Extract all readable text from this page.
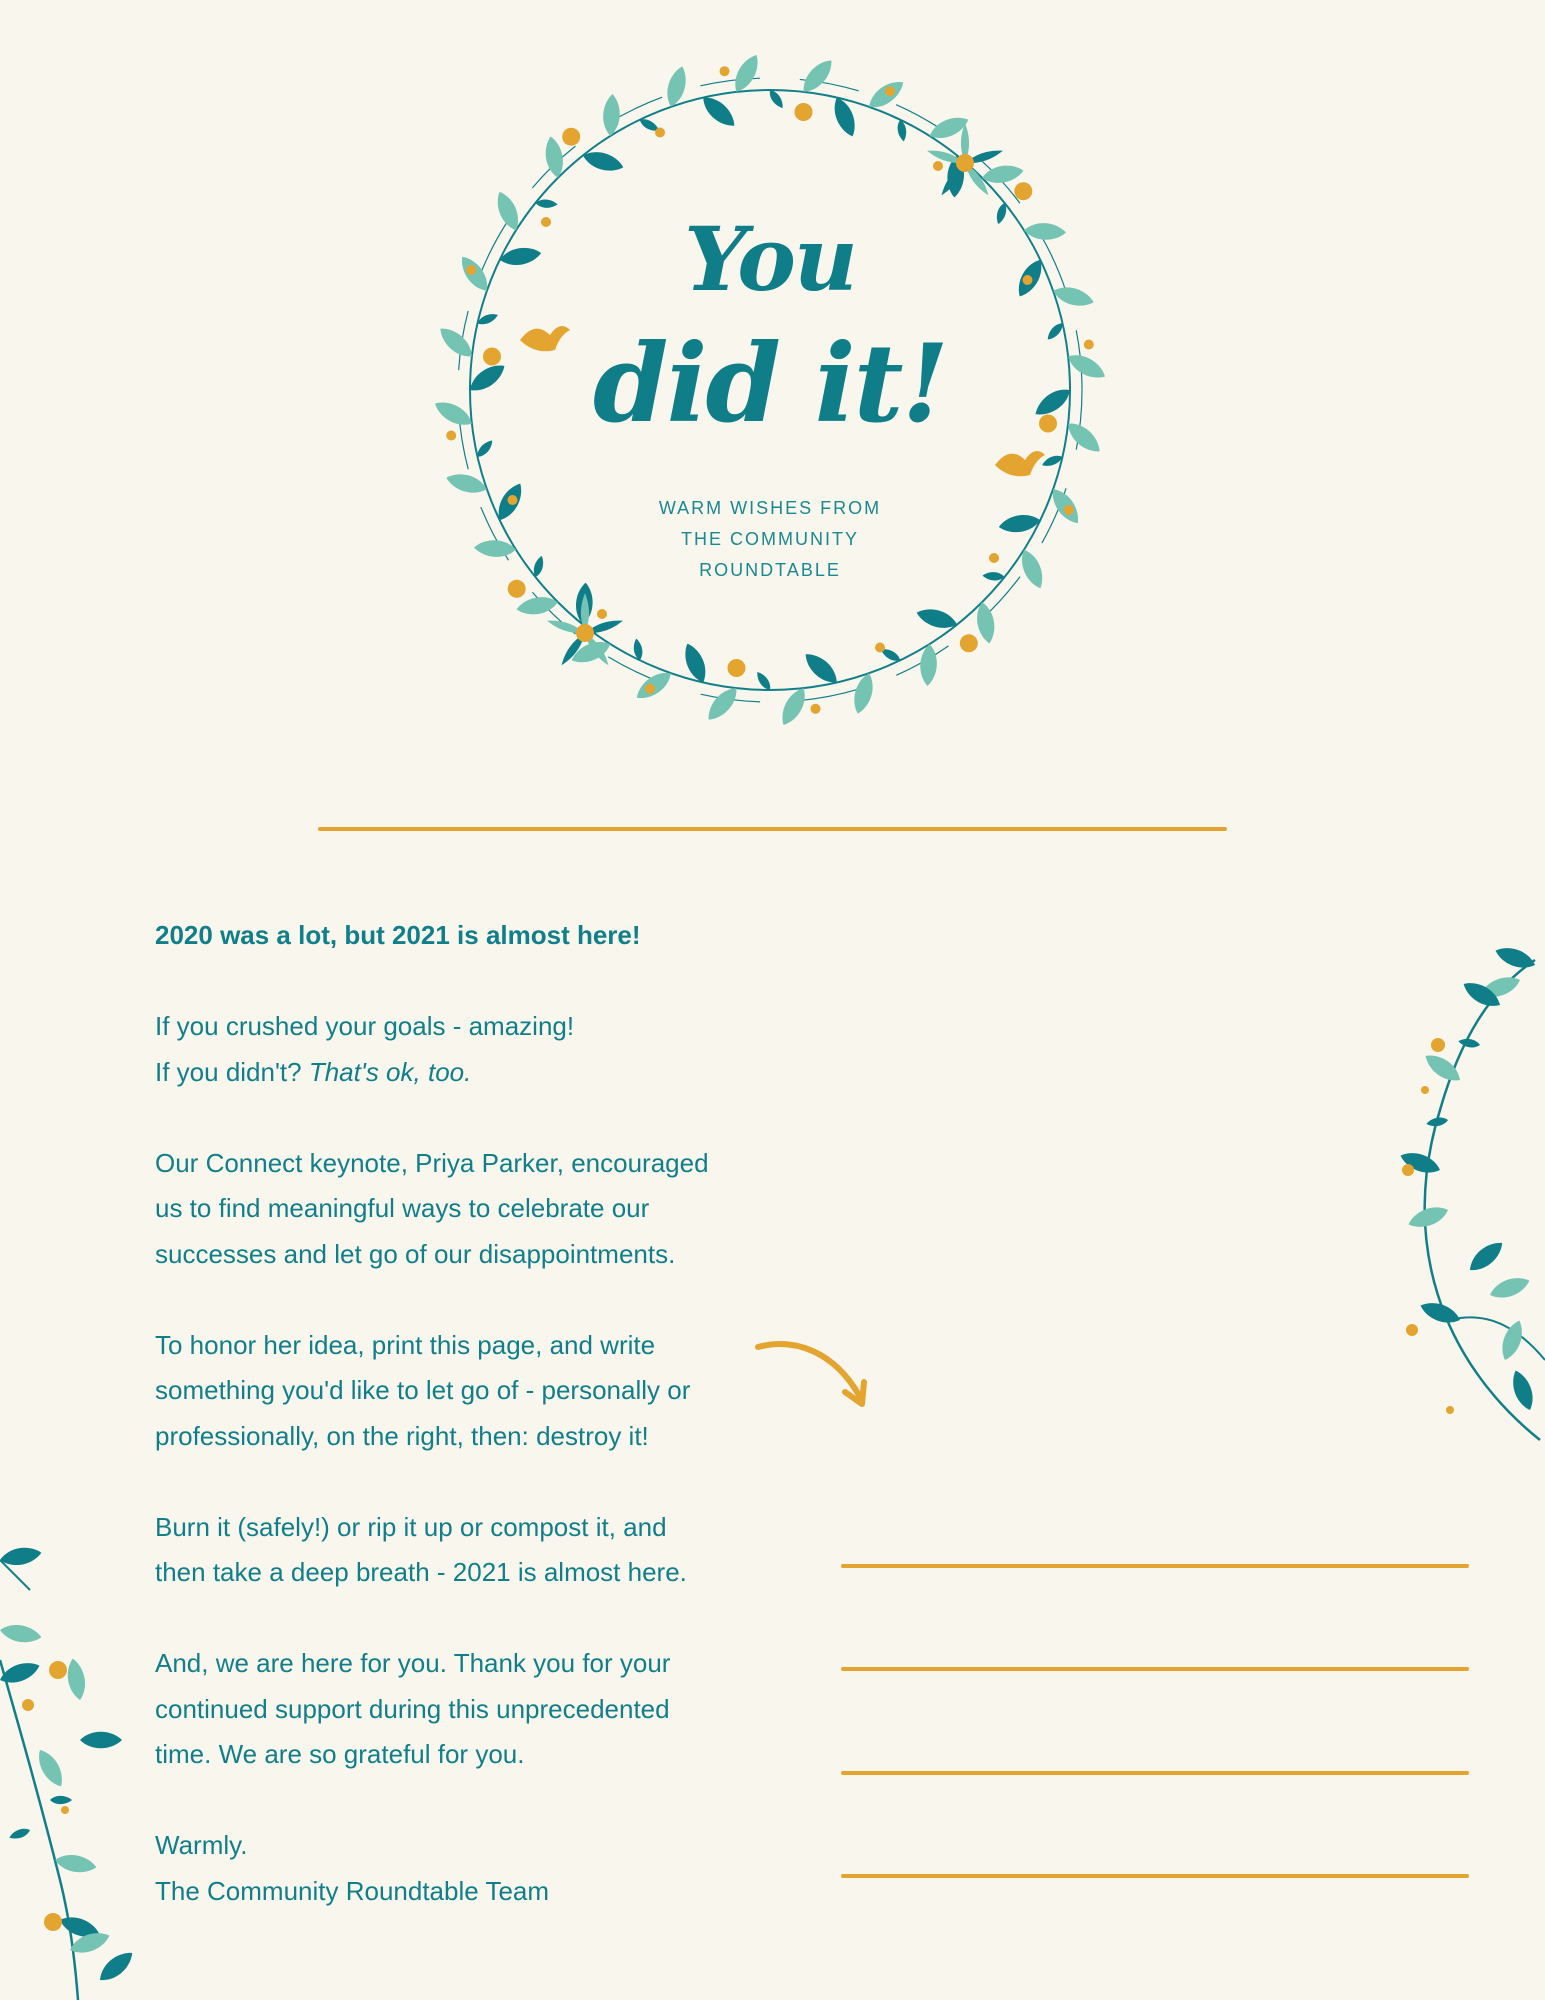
You
did it!
WARM WISHES FROM
THE COMMUNITY
ROUNDTABLE

2020 was a lot, but 2021 is almost here!

If you crushed your goals - amazing!
If you didn't? That's ok, too.

Our Connect keynote, Priya Parker, encouraged
us to find meaningful ways to celebrate our
successes and let go of our disappointments.

To honor her idea, print this page, and write
something you'd like to let go of - personally or
professionally, on the right, then: destroy it!

Burn it (safely!) or rip it up or compost it, and
then take a deep breath - 2021 is almost here.

And, we are here for you. Thank you for your
continued support during this unprecedented
time. We are so grateful for you.

Warmly.
The Community Roundtable Team
